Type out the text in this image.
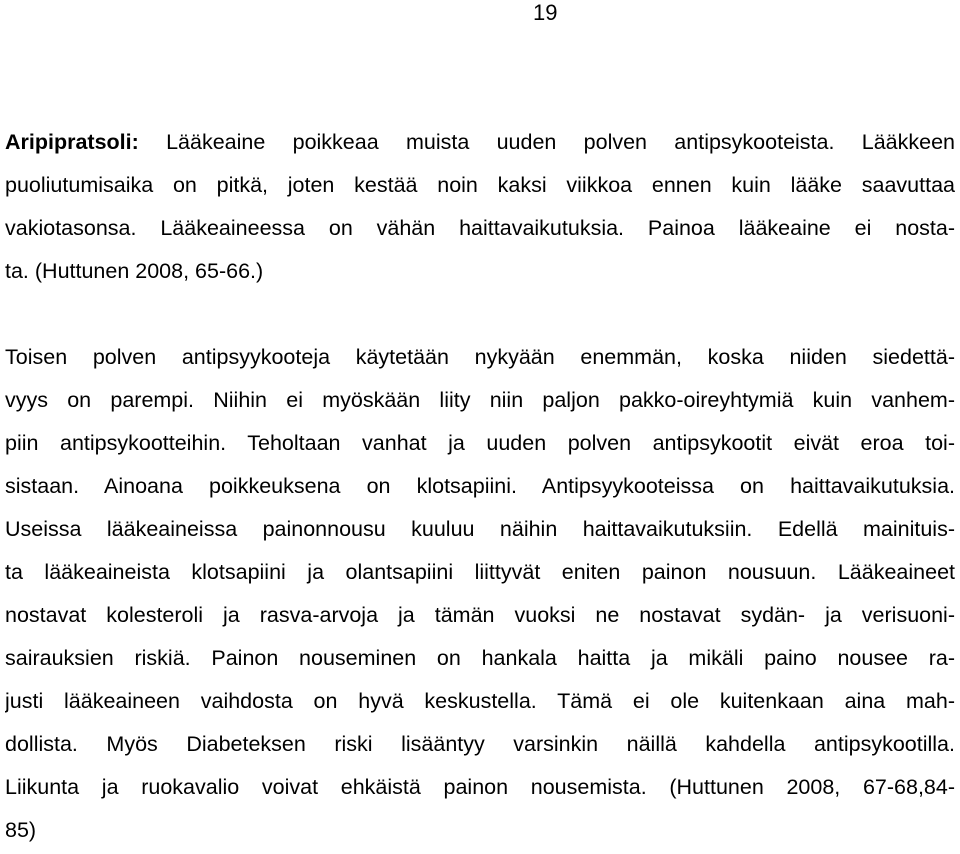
19
Aripipratsoli: Lääkeaine poikkeaa muista uuden polven antipsykooteista. Lääkkeen
puoliutumisaika on pitkä, joten kestää noin kaksi viikkoa ennen kuin lääke saavuttaa
vakiotasonsa. Lääkeaineessa on vähän haittavaikutuksia. Painoa lääkeaine ei nosta-
ta. (Huttunen 2008, 65-66.)
Toisen polven antipsyykooteja käytetään nykyään enemmän, koska niiden siedettä-
vyys on parempi. Niihin ei myöskään liity niin paljon pakko-oireyhtymiä kuin vanhem-
piin antipsykootteihin. Teholtaan vanhat ja uuden polven antipsykootit eivät eroa toi-
sistaan. Ainoana poikkeuksena on klotsapiini. Antipsyykooteissa on haittavaikutuksia.
Useissa lääkeaineissa painonnousu kuuluu näihin haittavaikutuksiin. Edellä mainituis-
ta lääkeaineista klotsapiini ja olantsapiini liittyvät eniten painon nousuun. Lääkeaineet
nostavat kolesteroli ja rasva-arvoja ja tämän vuoksi ne nostavat sydän- ja verisuoni-
sairauksien riskiä. Painon nouseminen on hankala haitta ja mikäli paino nousee ra-
justi lääkeaineen vaihdosta on hyvä keskustella. Tämä ei ole kuitenkaan aina mah-
dollista. Myös Diabeteksen riski lisääntyy varsinkin näillä kahdella antipsykootilla.
Liikunta ja ruokavalio voivat ehkäistä painon nousemista. (Huttunen 2008, 67-68,84-
85)
